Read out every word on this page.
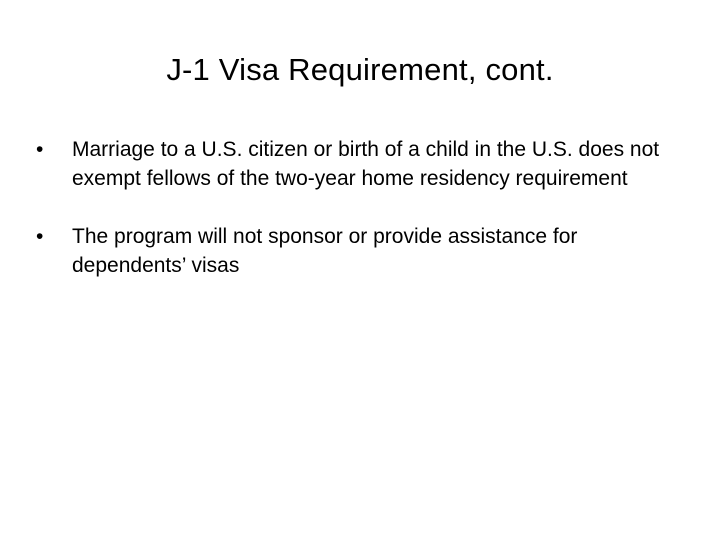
J-1 Visa Requirement, cont.
•	Marriage to a U.S. citizen or birth of a child in the U.S. does not exempt fellows of the two-year home residency requirement
•	The program will not sponsor or provide assistance for dependents’ visas
